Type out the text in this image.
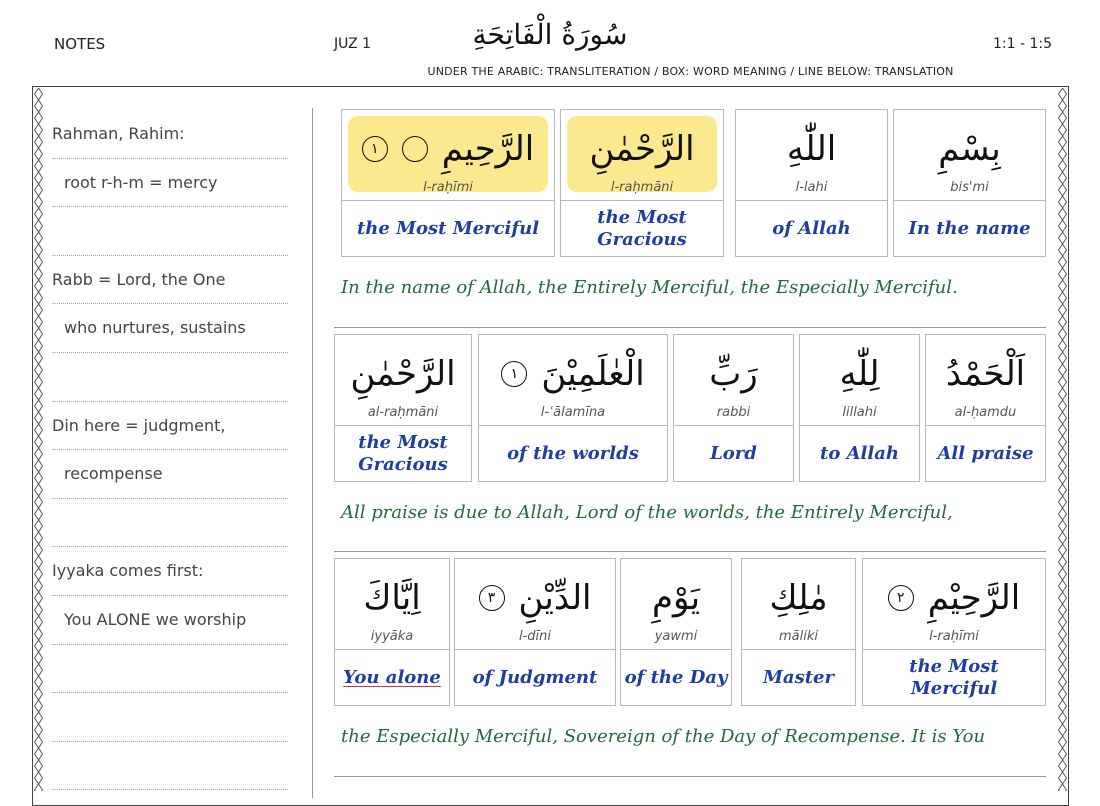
NOTES	JUZ 1	سُورَةُ الْفَاتِحَةِ	1:1 - 1:5
UNDER THE ARABIC: TRANSLITERATION / BOX: WORD MEANING / LINE BELOW: TRANSLATION
Rahman, Rahim:
root r-h-m = mercy
Rabb = Lord, the One
who nurtures, sustains
Din here = judgment,
recompense
Iyyaka comes first:
You ALONE we worship
الرَّحِيمِ
١
l-raḥīmi
the Most Merciful
الرَّحْمٰنِ
l-raḥmāni
the Most Gracious
اللّٰهِ
l-lahi
of Allah
بِسْمِ
bis'mi
In the name
In the name of Allah, the Entirely Merciful, the Especially Merciful.
الرَّحْمٰنِ
al-raḥmāni
the Most Gracious
الْعٰلَمِيْنَ
١
l-ʿālamīna
of the worlds
رَبِّ
rabbi
Lord
لِلّٰهِ
lillahi
to Allah
اَلْحَمْدُ
al-ḥamdu
All praise
All praise is due to Allah, Lord of the worlds, the Entirely Merciful,
اِيَّاكَ
iyyāka
You alone
الدِّيْنِ
٣
l-dīni
of Judgment
يَوْمِ
yawmi
of the Day
مٰلِكِ
māliki
Master
الرَّحِيْمِ
٢
l-raḥīmi
the Most Merciful
the Especially Merciful, Sovereign of the Day of Recompense. It is You
